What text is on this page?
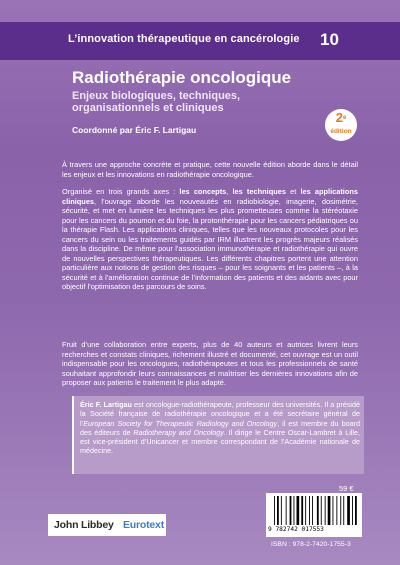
L’innovation thérapeutique en cancérologie 10
Radiothérapie oncologique
Enjeux biologiques, techniques,
organisationnels et cliniques
2e
édition
Coordonné par Éric F. Lartigau
À travers une approche concrète et pratique, cette nouvelle édition aborde dans le détail les enjeux et les innovations en radiothérapie oncologique.
Organisé en trois grands axes : les concepts, les techniques et les applications cliniques, l’ouvrage aborde les nouveautés en radiobiologie, imagerie, dosimétrie, sécurité, et met en lumière les techniques les plus prometteuses comme la stéréotaxie pour les cancers du poumon et du foie, la protonthérapie pour les cancers pédiatriques ou la thérapie Flash. Les applications cliniques, telles que les nouveaux protocoles pour les cancers du sein ou les traitements guidés par IRM illustrent les progrès majeurs réalisés dans la discipline. De même pour l’association immunothérapie et radiothérapie qui ouvre de nouvelles perspectives thérapeutiques. Les différents chapitres portent une attention particulière aux notions de gestion des risques – pour les soignants et les patients –, à la sécurité et à l’amélioration continue de l’information des patients et des aidants avec pour objectif l’optimisation des parcours de soins.
Fruit d’une collaboration entre experts, plus de 40 auteurs et autrices livrent leurs recherches et constats cliniques, richement illustré et documenté, cet ouvrage est un outil indispensable pour les oncologues, radiothérapeutes et tous les professionnels de santé souhaitant approfondir leurs connaissances et maîtriser les dernières innovations afin de proposer aux patients le traitement le plus adapté.
Éric F. Lartigau est oncologue-radiothérapeute, professeur des universités. Il a présidé la Société française de radiothérapie oncologique et a été secrétaire général de l’European Society for Therapeutic Radiology and Oncology, il est membre du board des éditeurs de Radiotherapy and Oncology. Il dirige le Centre Oscar-Lambret à Lille, est vice-président d’Unicancer et membre correspondant de l’Académie nationale de médecine.
59 €
John Libbey Eurotext	9 782742 017553
ISBN : 978-2-7420-1755-3
